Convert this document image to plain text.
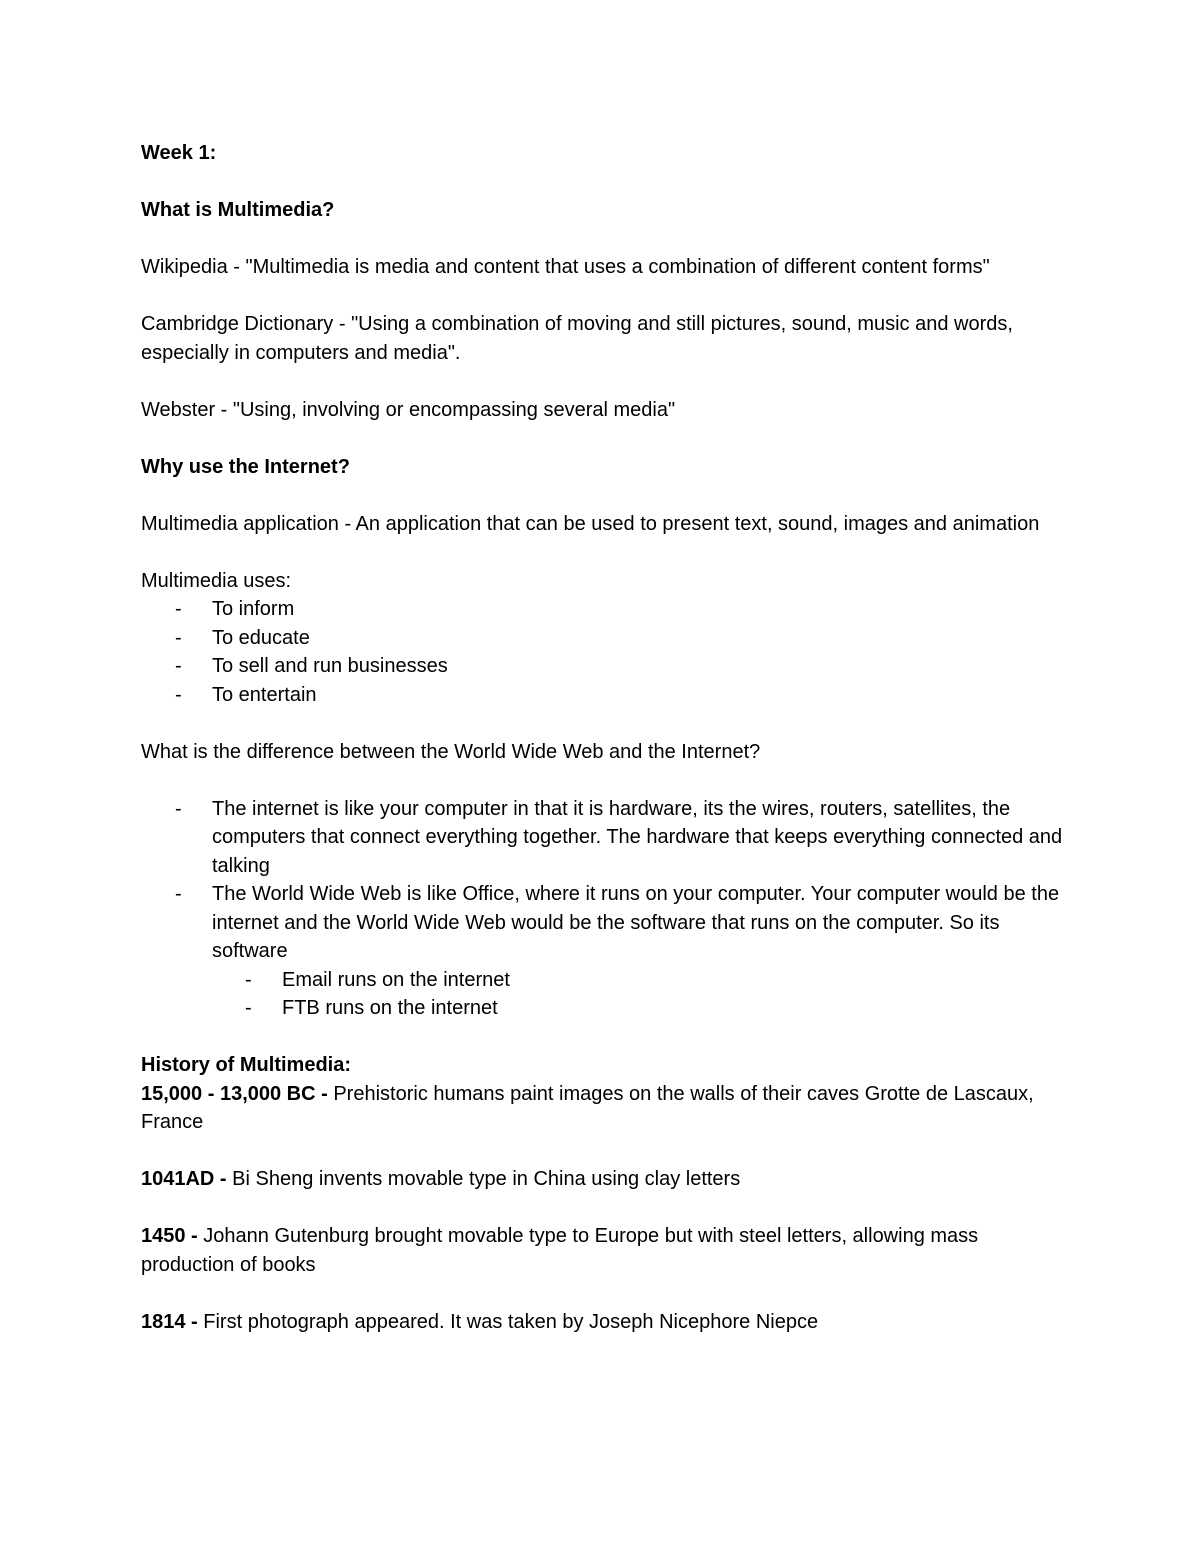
Week 1:

What is Multimedia?

Wikipedia - "Multimedia is media and content that uses a combination of different content forms"

Cambridge Dictionary - "Using a combination of moving and still pictures, sound, music and words, especially in computers and media".

Webster - "Using, involving or encompassing several media"

Why use the Internet?

Multimedia application - An application that can be used to present text, sound, images and animation

Multimedia uses:

- To inform
- To educate
- To sell and run businesses
- To entertain

What is the difference between the World Wide Web and the Internet?

- The internet is like your computer in that it is hardware, its the wires, routers, satellites, the computers that connect everything together. The hardware that keeps everything connected and talking
- The World Wide Web is like Office, where it runs on your computer. Your computer would be the internet and the World Wide Web would be the software that runs on the computer. So its software
- Email runs on the internet
- FTB runs on the internet

History of Multimedia:

15,000 - 13,000 BC - Prehistoric humans paint images on the walls of their caves Grotte de Lascaux, France

1041AD - Bi Sheng invents movable type in China using clay letters

1450 - Johann Gutenburg brought movable type to Europe but with steel letters, allowing mass production of books

1814 - First photograph appeared. It was taken by Joseph Nicephore Niepce
